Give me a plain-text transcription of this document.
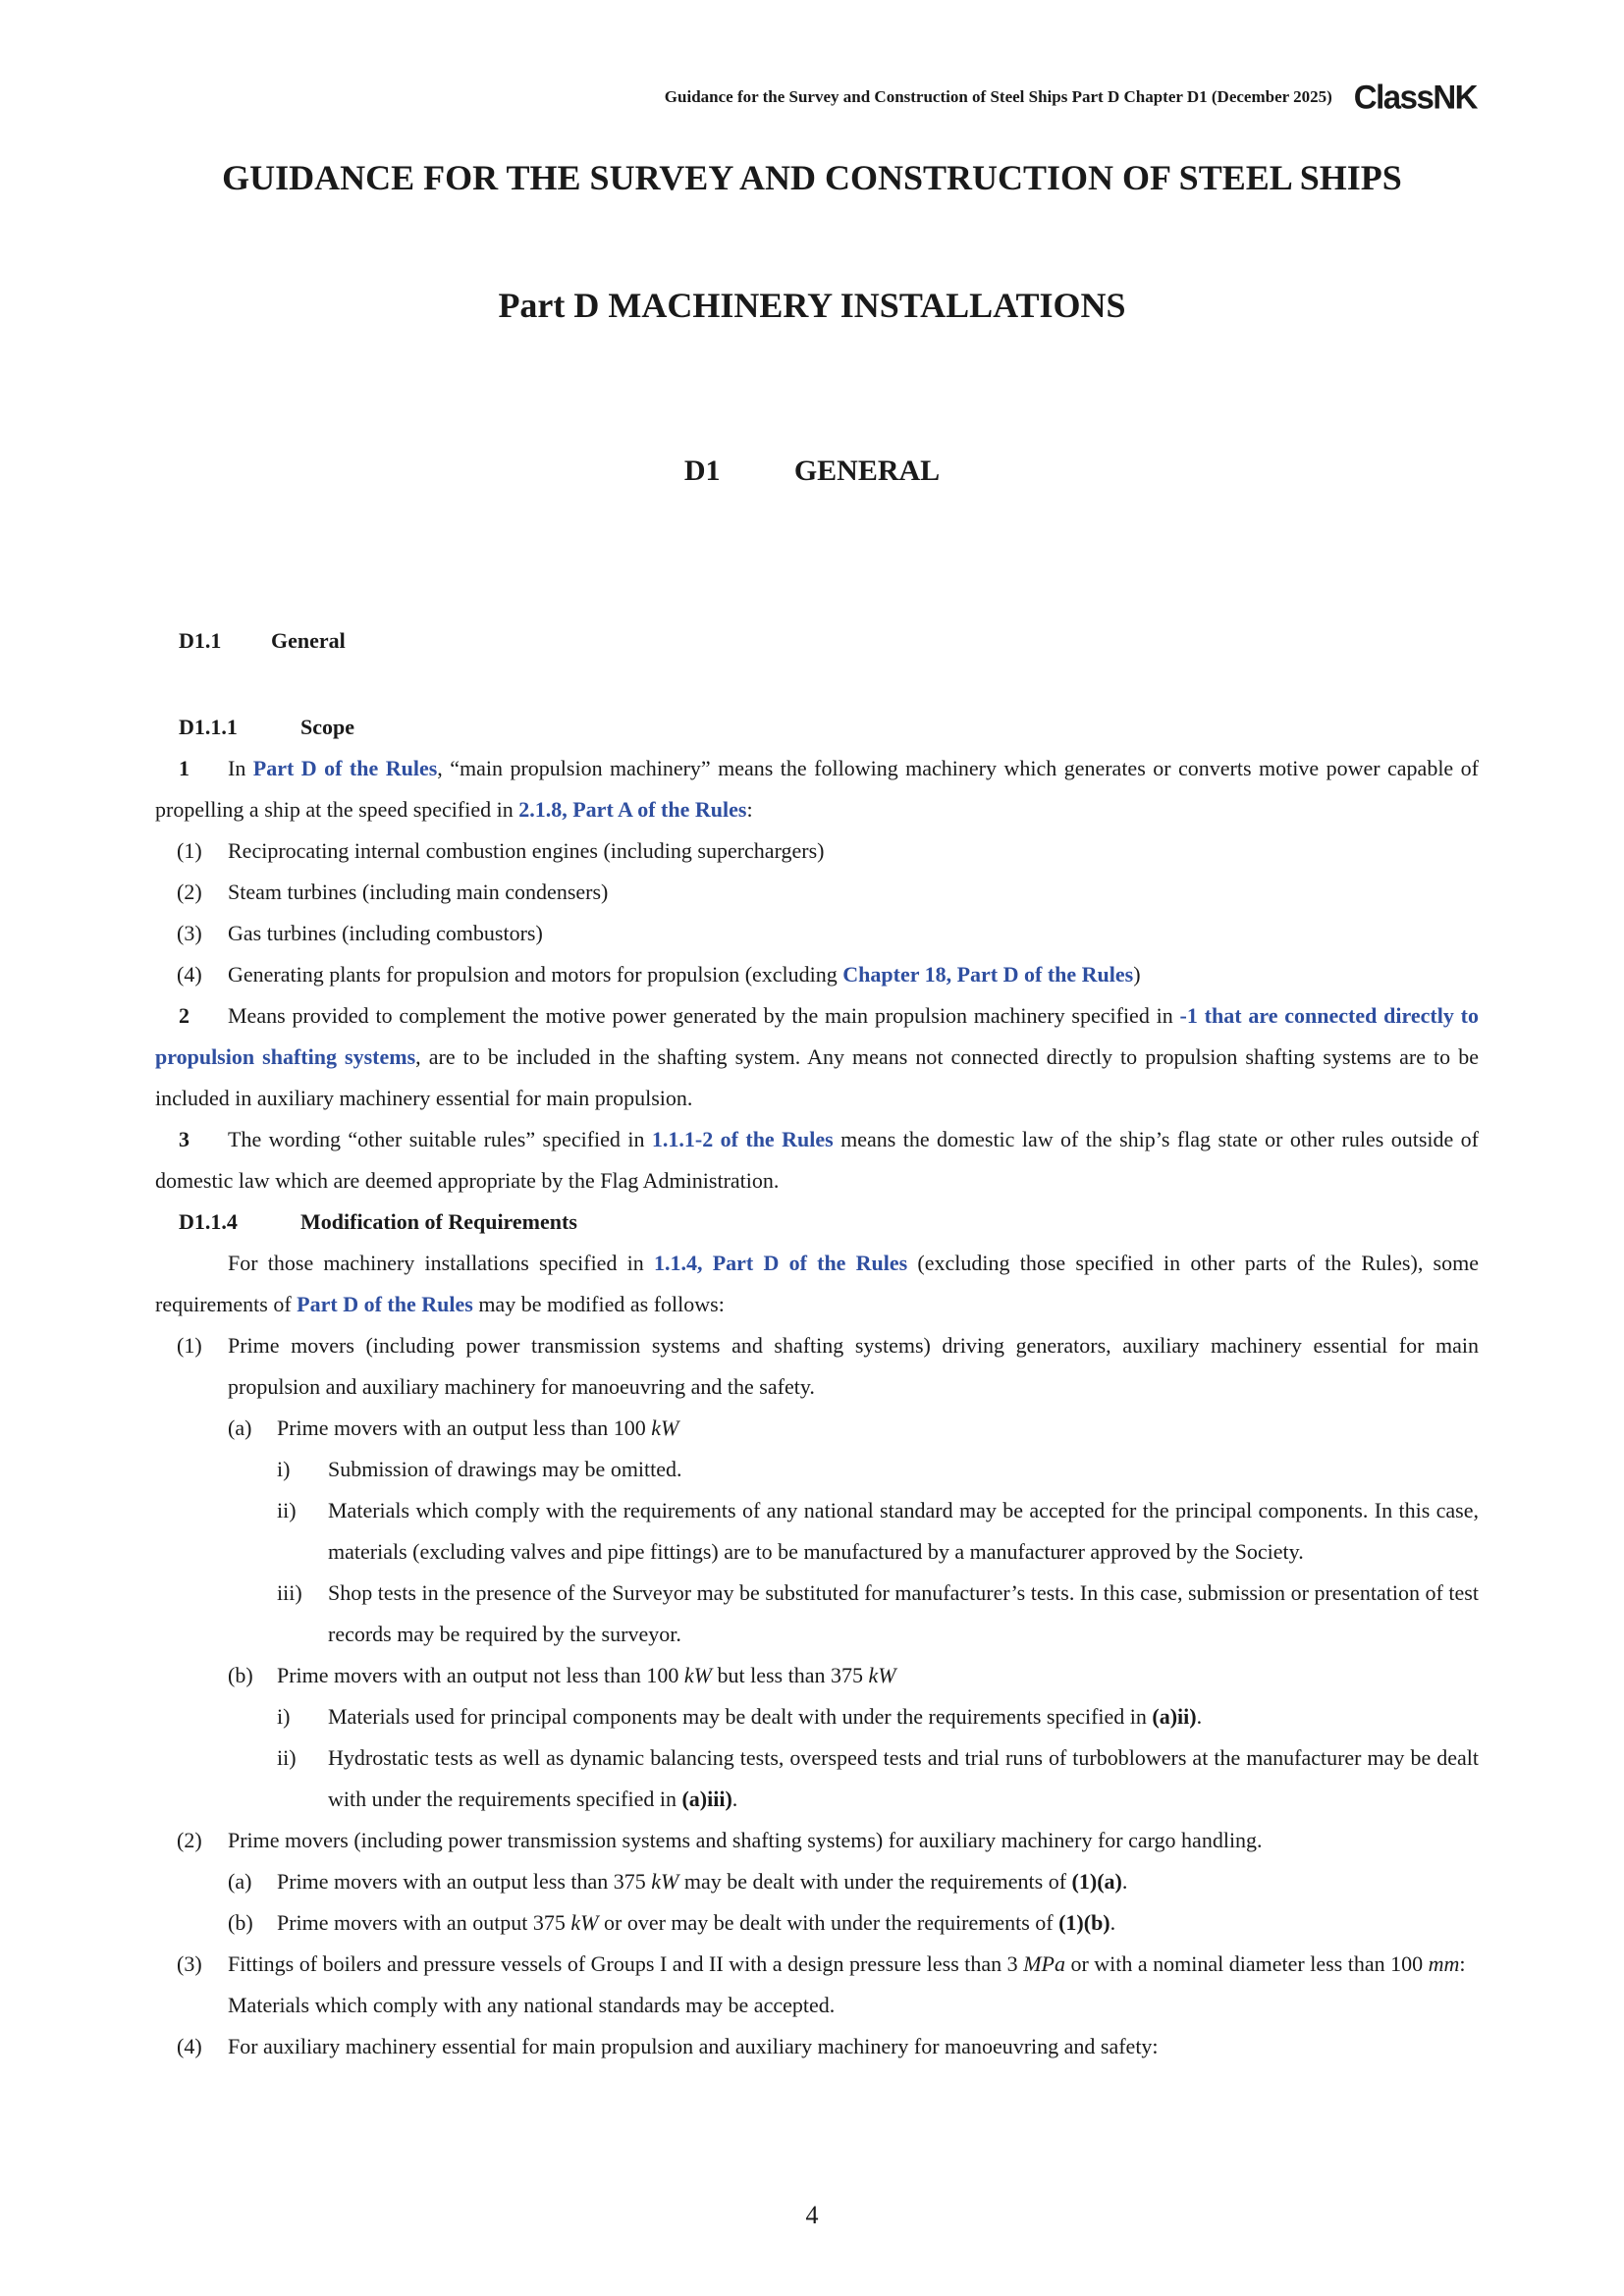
Guidance for the Survey and Construction of Steel Ships Part D Chapter D1 (December 2025) ClassNK
GUIDANCE FOR THE SURVEY AND CONSTRUCTION OF STEEL SHIPS
Part D MACHINERY INSTALLATIONS
D1	GENERAL
D1.1 General

D1.1.1	Scope

1 In Part D of the Rules, “main propulsion machinery” means the following machinery which generates or converts motive power capable of propelling a ship at the speed specified in 2.1.8, Part A of the Rules:

(1) Reciprocating internal combustion engines (including superchargers)

(2) Steam turbines (including main condensers)

(3) Gas turbines (including combustors)

(4) Generating plants for propulsion and motors for propulsion (excluding Chapter 18, Part D of the Rules)

2 Means provided to complement the motive power generated by the main propulsion machinery specified in -1 that are connected directly to propulsion shafting systems, are to be included in the shafting system. Any means not connected directly to propulsion shafting systems are to be included in auxiliary machinery essential for main propulsion.

3 The wording “other suitable rules” specified in 1.1.1-2 of the Rules means the domestic law of the ship’s flag state or other rules outside of domestic law which are deemed appropriate by the Flag Administration.

D1.1.4	Modification of Requirements

For those machinery installations specified in 1.1.4, Part D of the Rules (excluding those specified in other parts of the Rules), some requirements of Part D of the Rules may be modified as follows:

(1) Prime movers (including power transmission systems and shafting systems) driving generators, auxiliary machinery essential for main propulsion and auxiliary machinery for manoeuvring and the safety.

(a) Prime movers with an output less than 100 kW

i) Submission of drawings may be omitted.

ii) Materials which comply with the requirements of any national standard may be accepted for the principal components. In this case, materials (excluding valves and pipe fittings) are to be manufactured by a manufacturer approved by the Society.

iii) Shop tests in the presence of the Surveyor may be substituted for manufacturer’s tests. In this case, submission or presentation of test records may be required by the surveyor.

(b) Prime movers with an output not less than 100 kW but less than 375 kW

i) Materials used for principal components may be dealt with under the requirements specified in (a)ii).

ii) Hydrostatic tests as well as dynamic balancing tests, overspeed tests and trial runs of turboblowers at the manufacturer may be dealt with under the requirements specified in (a)iii).

(2) Prime movers (including power transmission systems and shafting systems) for auxiliary machinery for cargo handling.

(a) Prime movers with an output less than 375 kW may be dealt with under the requirements of (1)(a).

(b) Prime movers with an output 375 kW or over may be dealt with under the requirements of (1)(b).

(3) Fittings of boilers and pressure vessels of Groups I and II with a design pressure less than 3 MPa or with a nominal diameter less than 100 mm:

Materials which comply with any national standards may be accepted.

(4) For auxiliary machinery essential for main propulsion and auxiliary machinery for manoeuvring and safety:

4
